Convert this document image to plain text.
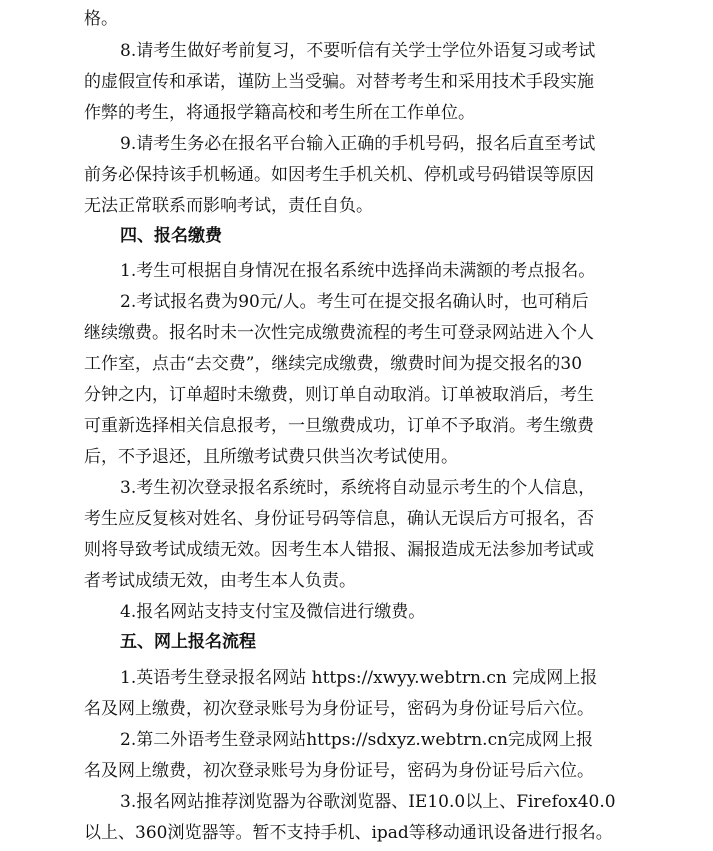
格。
8.请考生做好考前复习，不要听信有关学士学位外语复习或考试
的虚假宣传和承诺，谨防上当受骗。对替考考生和采用技术手段实施
作弊的考生，将通报学籍高校和考生所在工作单位。
9.请考生务必在报名平台输入正确的手机号码，报名后直至考试
前务必保持该手机畅通。如因考生手机关机、停机或号码错误等原因
无法正常联系而影响考试，责任自负。
四、报名缴费
1.考生可根据自身情况在报名系统中选择尚未满额的考点报名。
2.考试报名费为90元/人。考生可在提交报名确认时，也可稍后
继续缴费。报名时未一次性完成缴费流程的考生可登录网站进入个人
工作室，点击“去交费”，继续完成缴费，缴费时间为提交报名的30
分钟之内，订单超时未缴费，则订单自动取消。订单被取消后，考生
可重新选择相关信息报考，一旦缴费成功，订单不予取消。考生缴费
后，不予退还，且所缴考试费只供当次考试使用。
3.考生初次登录报名系统时，系统将自动显示考生的个人信息，
考生应反复核对姓名、身份证号码等信息，确认无误后方可报名，否
则将导致考试成绩无效。因考生本人错报、漏报造成无法参加考试或
者考试成绩无效，由考生本人负责。
4.报名网站支持支付宝及微信进行缴费。
五、网上报名流程
1.英语考生登录报名网站 https://xwyy.webtrn.cn 完成网上报
名及网上缴费，初次登录账号为身份证号，密码为身份证号后六位。
2.第二外语考生登录网站https://sdxyz.webtrn.cn完成网上报
名及网上缴费，初次登录账号为身份证号，密码为身份证号后六位。
3.报名网站推荐浏览器为谷歌浏览器、IE10.0以上、Firefox40.0
以上、360浏览器等。暂不支持手机、ipad等移动通讯设备进行报名。
